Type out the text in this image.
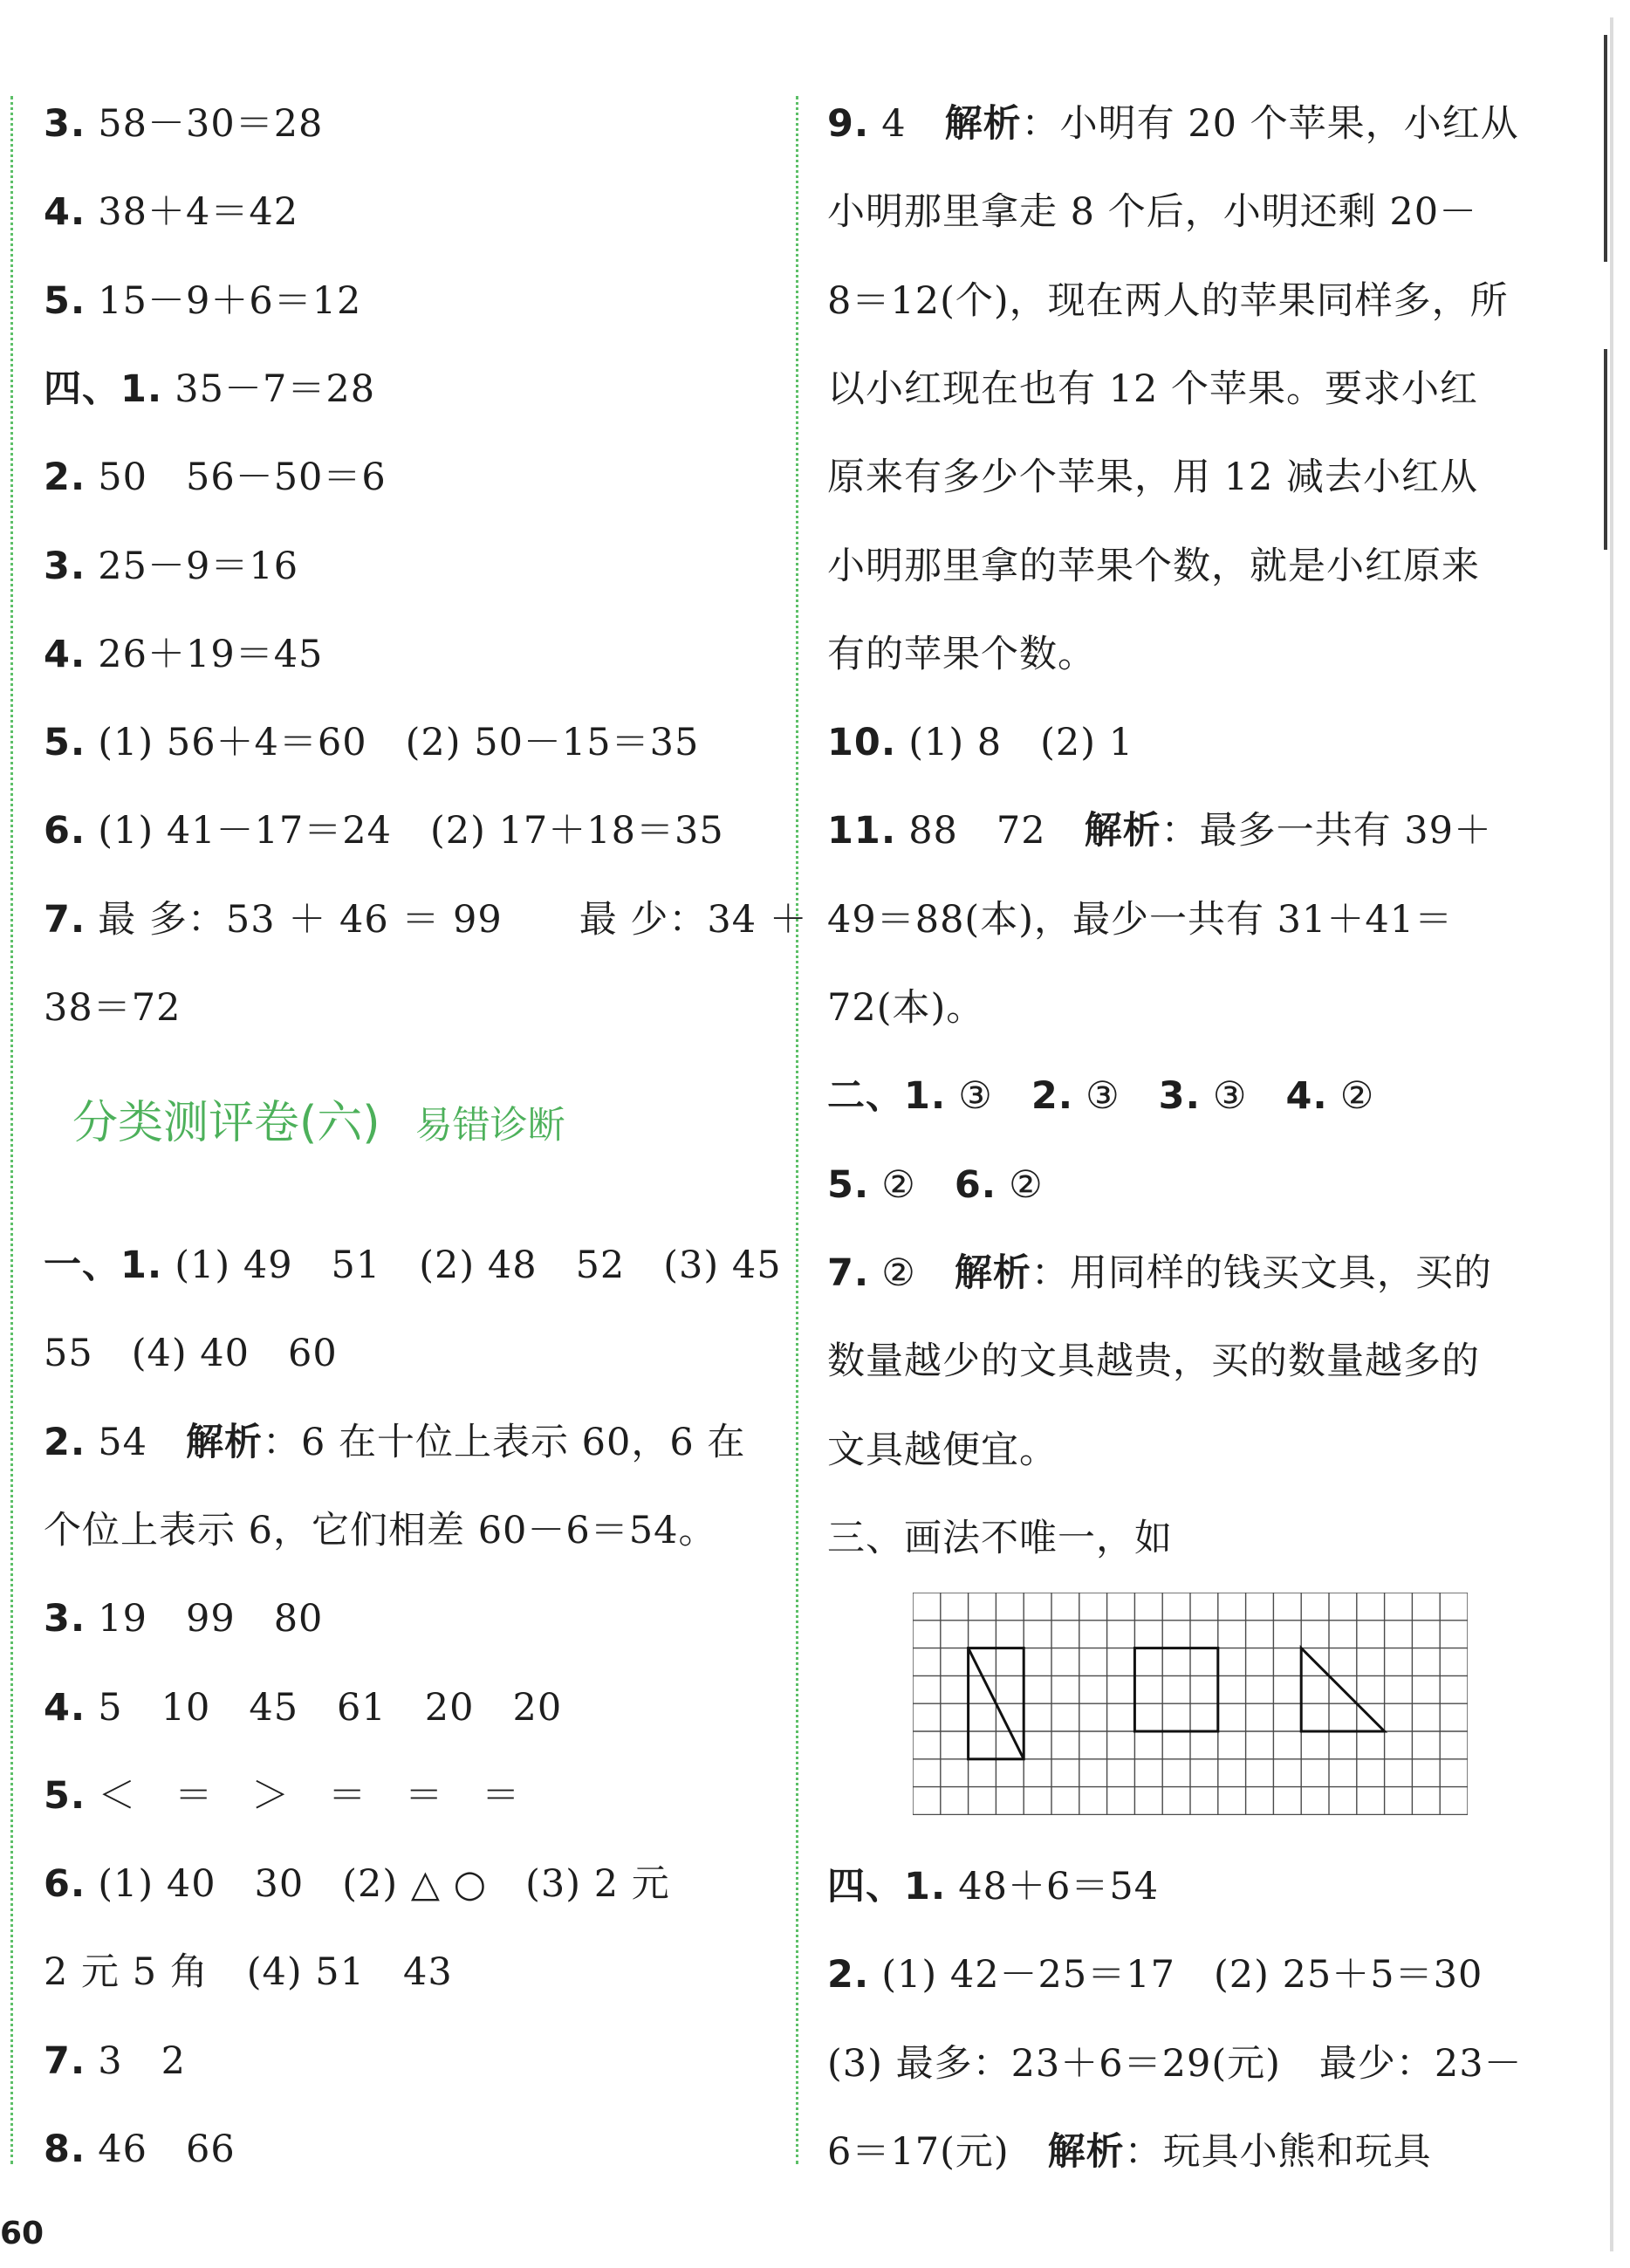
3. 58－30＝28
4. 38＋4＝42
5. 15－9＋6＝12
四、1. 35－7＝28
2. 50　56－50＝6
3. 25－9＝16
4. 26＋19＝45
5. (1) 56＋4＝60　(2) 50－15＝35
6. (1) 41－17＝24　(2) 17＋18＝35
7. 最 多：53 ＋ 46 ＝ 99　　最 少：34 ＋
38＝72
一、1. (1) 49　51　(2) 48　52　(3) 45
55　(4) 40　60
2. 54　解析：6 在十位上表示 60，6 在
个位上表示 6，它们相差 60－6＝54。
3. 19　99　80
4. 5　10　45　61　20　20
5. ＜　＝　＞　＝　＝　＝
6. (1) 40　30　(2) △ ○　(3) 2 元
2 元 5 角　(4) 51　43
7. 3　2
8. 46　66
9. 4　解析：小明有 20 个苹果，小红从
小明那里拿走 8 个后，小明还剩 20－
8＝12(个)，现在两人的苹果同样多，所
以小红现在也有 12 个苹果。要求小红
原来有多少个苹果，用 12 减去小红从
小明那里拿的苹果个数，就是小红原来
有的苹果个数。
10. (1) 8　(2) 1
11. 88　72　解析：最多一共有 39＋
49＝88(本)，最少一共有 31＋41＝
72(本)。
二、1. ③　2. ③　3. ③　4. ②
5. ②　6. ②
7. ②　解析：用同样的钱买文具，买的
数量越少的文具越贵，买的数量越多的
文具越便宜。
三、画法不唯一，如
四、1. 48＋6＝54
2. (1) 42－25＝17　(2) 25＋5＝30
(3) 最多：23＋6＝29(元)　最少：23－
6＝17(元)　解析：玩具小熊和玩具
分类测评卷(六) 易错诊断
60
